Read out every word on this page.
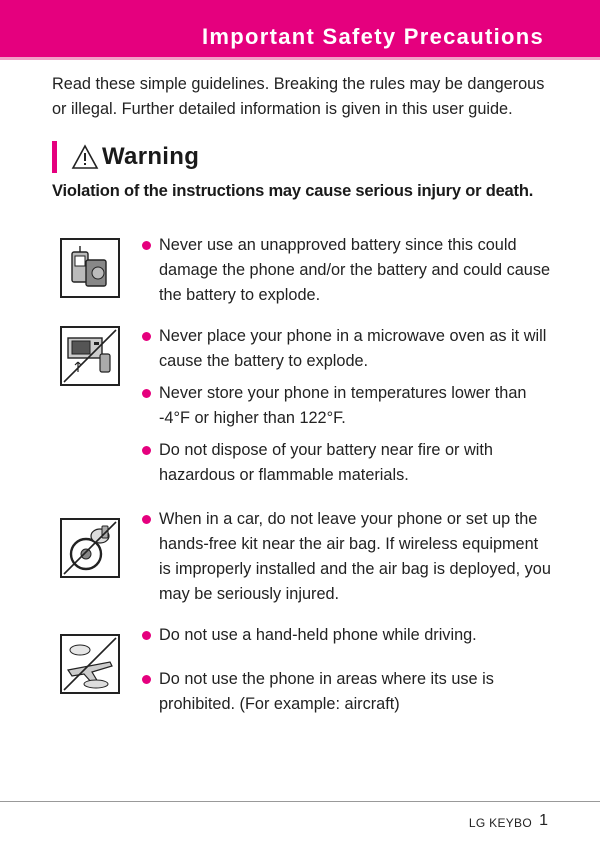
Important Safety Precautions
Read these simple guidelines. Breaking the rules may be dangerous or illegal. Further detailed information is given in this user guide.
Warning
Violation of the instructions may cause serious injury or death.
Never use an unapproved battery since this could damage the phone and/or the battery and could cause the battery to explode.
Never place your phone in a microwave oven as it will cause the battery to explode.
Never store your phone in temperatures lower than -4°F or higher than 122°F.
Do not dispose of your battery near fire or with hazardous or flammable materials.
When in a car, do not leave your phone or set up the hands-free kit near the air bag. If wireless equipment is improperly installed and the air bag is deployed, you may be seriously injured.
Do not use a hand-held phone while driving.
Do not use the phone in areas where its use is prohibited. (For example: aircraft)
LG KEYBO 1
